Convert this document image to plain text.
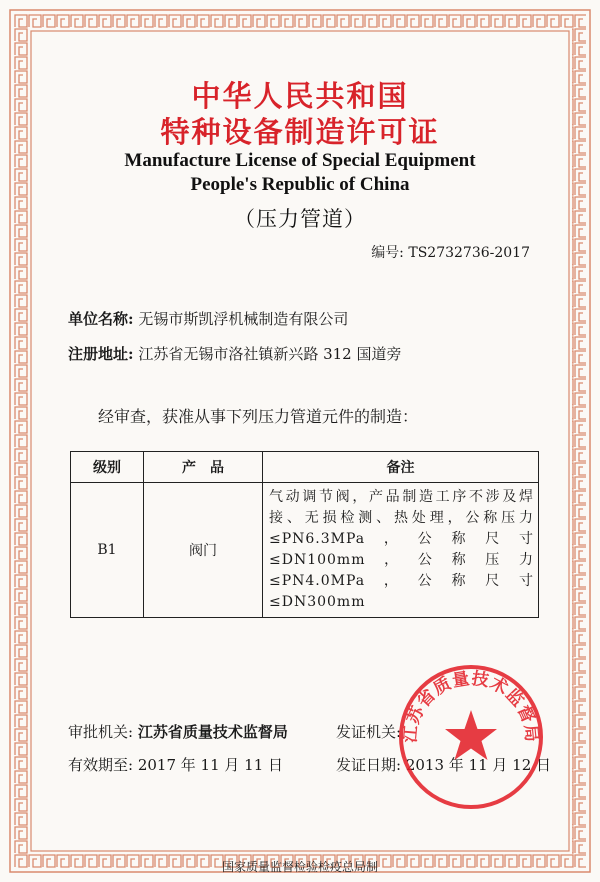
中华人民共和国
特种设备制造许可证
Manufacture License of Special Equipment
People's Republic of China
（压力管道）
编号: TS2732736-2017
单位名称: 无锡市斯凯浮机械制造有限公司
注册地址: 江苏省无锡市洛社镇新兴路 312 国道旁
经审查，获准从事下列压力管道元件的制造：
级别	产　品	备注
B1	阀门	气动调节阀，产品制造工序不涉及焊接、无损检测、热处理，公称压力≤PN6.3MPa，公称尺寸≤DN100mm，公称压力≤PN4.0MPa，公称尺寸≤DN300mm
审批机关: 江苏省质量技术监督局	发证机关:
有效期至: 2017 年 11 月 11 日	发证日期: 2013 年 11 月 12 日
江苏省质量技术监督局
国家质量监督检验检疫总局制
